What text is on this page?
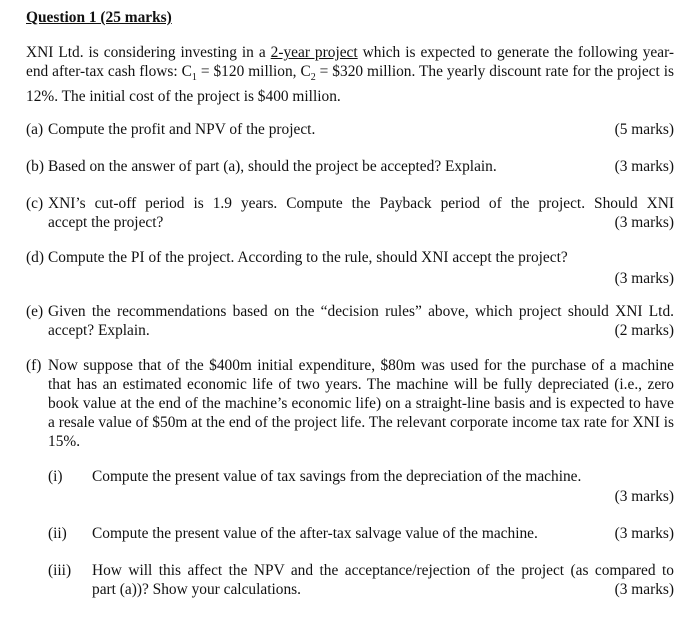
Question 1 (25 marks)
XNI Ltd. is considering investing in a 2-year project which is expected to generate the following year-end after-tax cash flows: $C_1$ = $120 million, $C_2$ = $320 million. The yearly discount rate for the project is 12%. The initial cost of the project is $400 million.
(a) Compute the profit and NPV of the project.	(5 marks)
(b) Based on the answer of part (a), should the project be accepted? Explain.	(3 marks)
(c) XNI’s cut-off period is 1.9 years. Compute the Payback period of the project. Should XNI
accept the project?	(3 marks)
(d) Compute the PI of the project. According to the rule, should XNI accept the project?
(3 marks)
(e) Given the recommendations based on the “decision rules” above, which project should XNI Ltd.
accept? Explain.	(2 marks)
(f) Now suppose that of the $400m initial expenditure, $80m was used for the purchase of a machine that has an estimated economic life of two years. The machine will be fully depreciated (i.e., zero book value at the end of the machine’s economic life) on a straight-line basis and is expected to have a resale value of $50m at the end of the project life. The relevant corporate income tax rate for XNI is 15%.
(i) Compute the present value of tax savings from the depreciation of the machine.
(3 marks)
(ii) Compute the present value of the after-tax salvage value of the machine.	(3 marks)
(iii) How will this affect the NPV and the acceptance/rejection of the project (as compared to
part (a))? Show your calculations.	(3 marks)
